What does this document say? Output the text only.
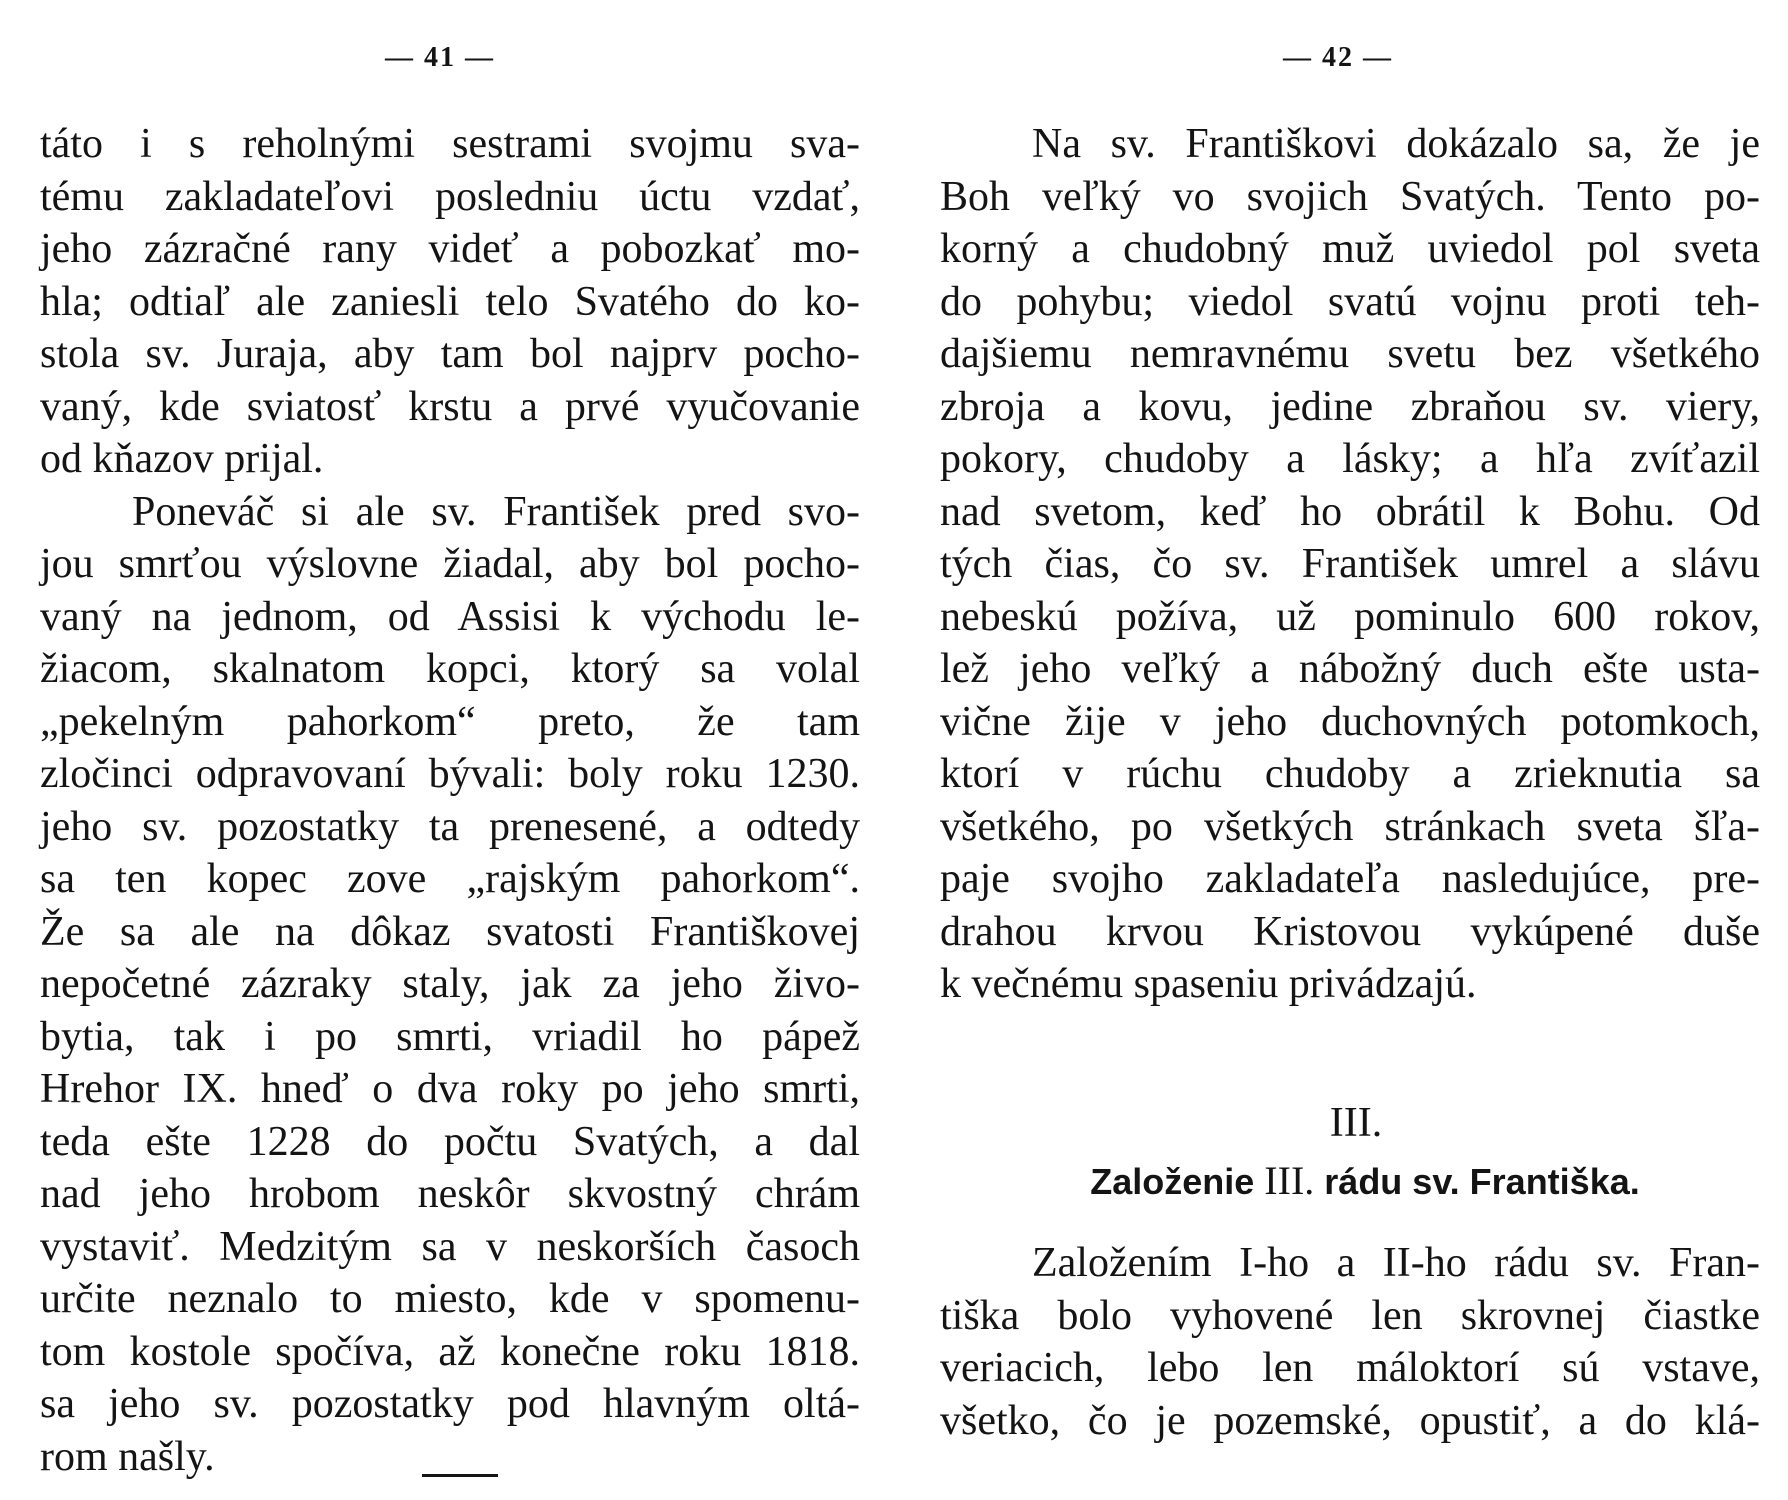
— 41 —
táto i s reholnými sestrami svojmu sva-
tému zakladateľovi posledniu úctu vzdať,
jeho zázračné rany videť a pobozkať mo-
hla; odtiaľ ale zaniesli telo Svatého do ko-
stola sv. Juraja, aby tam bol najprv pocho-
vaný, kde sviatosť krstu a prvé vyučovanie
od kňazov prijal.
Poneváč si ale sv. František pred svo-
jou smrťou výslovne žiadal, aby bol pocho-
vaný na jednom, od Assisi k východu le-
žiacom, skalnatom kopci, ktorý sa volal
„pekelným pahorkom“ preto, že tam
zločinci odpravovaní bývali: boly roku 1230.
jeho sv. pozostatky ta prenesené, a odtedy
sa ten kopec zove „rajským pahorkom“.
Že sa ale na dôkaz svatosti Františkovej
nepočetné zázraky staly, jak za jeho živo-
bytia, tak i po smrti, vriadil ho pápež
Hrehor IX. hneď o dva roky po jeho smrti,
teda ešte 1228 do počtu Svatých, a dal
nad jeho hrobom neskôr skvostný chrám
vystaviť. Medzitým sa v neskorších časoch
určite neznalo to miesto, kde v spomenu-
tom kostole spočíva, až konečne roku 1818.
sa jeho sv. pozostatky pod hlavným oltá-
rom našly.
— 42 —
Na sv. Františkovi dokázalo sa, že je
Boh veľký vo svojich Svatých. Tento po-
korný a chudobný muž uviedol pol sveta
do pohybu; viedol svatú vojnu proti teh-
dajšiemu nemravnému svetu bez všetkého
zbroja a kovu, jedine zbraňou sv. viery,
pokory, chudoby a lásky; a hľa zvíťazil
nad svetom, keď ho obrátil k Bohu. Od
tých čias, čo sv. František umrel a slávu
nebeskú požíva, už pominulo 600 rokov,
lež jeho veľký a nábožný duch ešte usta-
vične žije v jeho duchovných potomkoch,
ktorí v rúchu chudoby a zrieknutia sa
všetkého, po všetkých stránkach sveta šľa-
paje svojho zakladateľa nasledujúce, pre-
drahou krvou Kristovou vykúpené duše
k večnému spaseniu privádzajú.
III.
Založenie III. rádu sv. Františka.
Založením I-ho a II-ho rádu sv. Fran-
tiška bolo vyhovené len skrovnej čiastke
veriacich, lebo len máloktorí sú vstave,
všetko, čo je pozemské, opustiť, a do klá-
